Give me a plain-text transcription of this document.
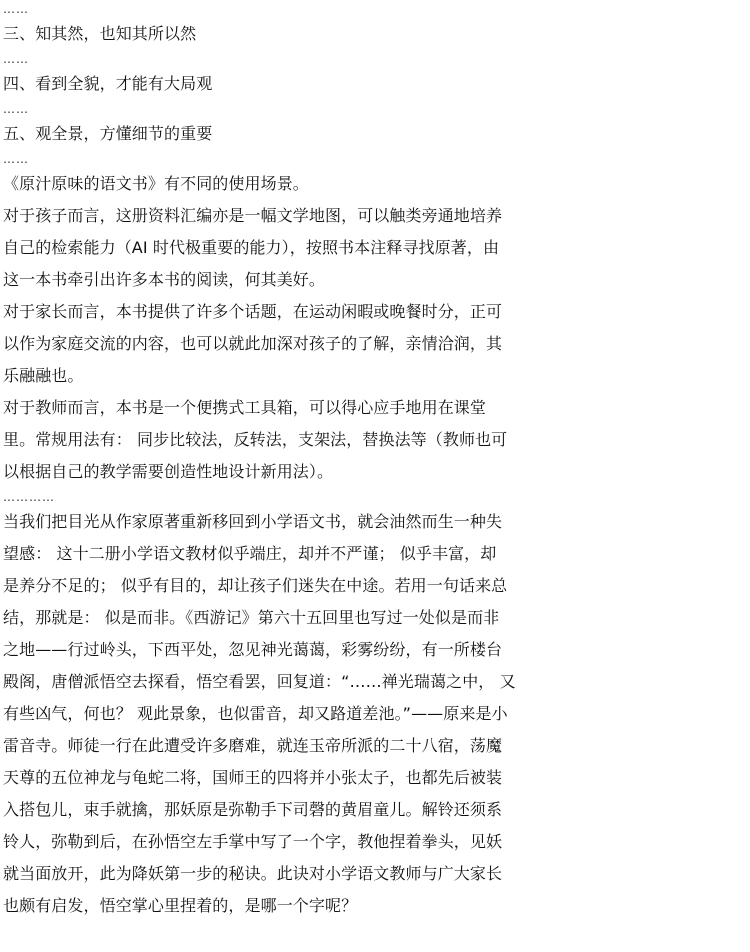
……

三、知其然，也知其所以然

……

四、看到全貌，才能有大局观

……

五、观全景，方懂细节的重要

……

《原汁原味的语文书》有不同的使用场景。

对于孩子而言，这册资料汇编亦是一幅文学地图，可以触类旁通地培养

自己的检索能力（AI 时代极重要的能力），按照书本注释寻找原著，由

这一本书牵引出许多本书的阅读，何其美好。

对于家长而言，本书提供了许多个话题，在运动闲暇或晚餐时分，正可

以作为家庭交流的内容，也可以就此加深对孩子的了解，亲情洽润，其

乐融融也。

对于教师而言，本书是一个便携式工具箱，可以得心应手地用在课堂

里。常规用法有： 同步比较法，反转法，支架法，替换法等（教师也可

以根据自己的教学需要创造性地设计新用法）。

…………

当我们把目光从作家原著重新移回到小学语文书，就会油然而生一种失

望感： 这十二册小学语文教材似乎端庄，却并不严谨； 似乎丰富，却

是养分不足的； 似乎有目的，却让孩子们迷失在中途。若用一句话来总

结，那就是： 似是而非。《西游记》第六十五回里也写过一处似是而非

之地——行过岭头，下西平处，忽见神光蔼蔼，彩雾纷纷，有一所楼台

殿阁，唐僧派悟空去探看，悟空看罢，回复道：“……禅光瑞蔼之中， 又

有些凶气，何也？ 观此景象，也似雷音，却又路道差池。”——原来是小

雷音寺。师徒一行在此遭受许多磨难，就连玉帝所派的二十八宿，荡魔

天尊的五位神龙与龟蛇二将，国师王的四将并小张太子，也都先后被装

入搭包儿，束手就擒，那妖原是弥勒手下司磬的黄眉童儿。解铃还须系

铃人，弥勒到后，在孙悟空左手掌中写了一个字，教他捏着拳头，见妖

就当面放开，此为降妖第一步的秘诀。此诀对小学语文教师与广大家长

也颇有启发，悟空掌心里捏着的，是哪一个字呢？
